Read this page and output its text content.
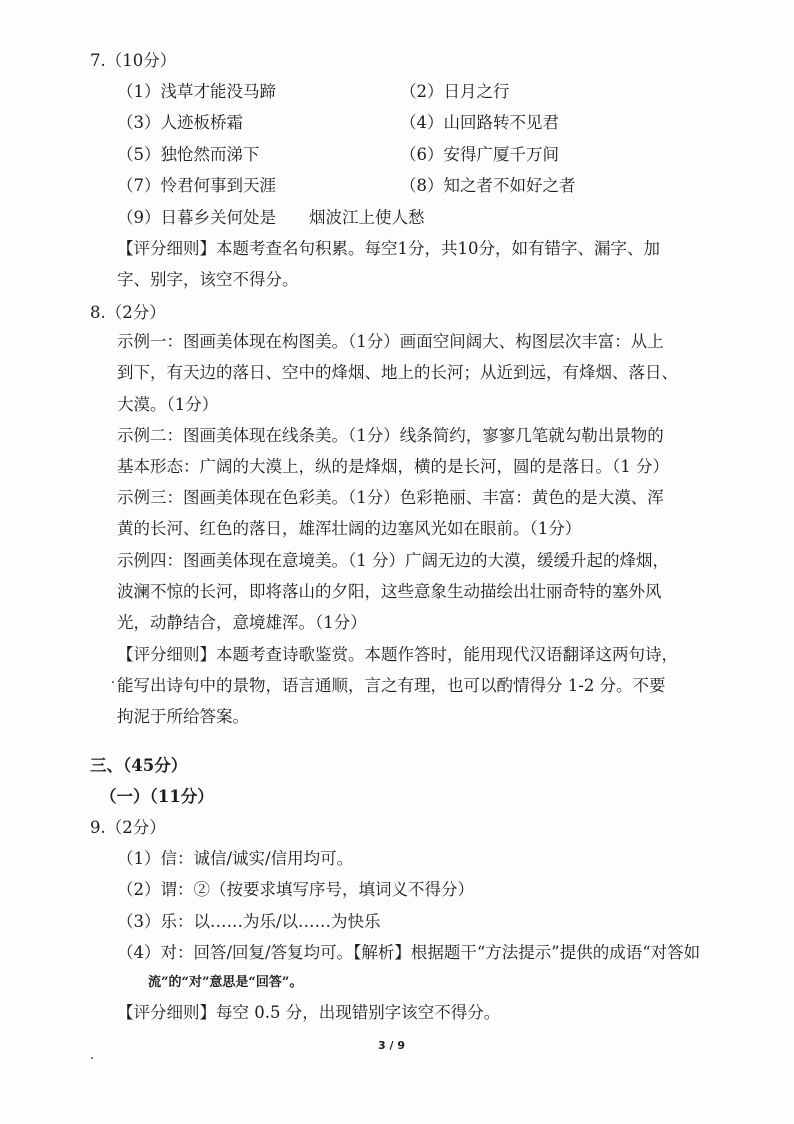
7.（10分）
（1）浅草才能没马蹄	（2）日月之行
（3）人迹板桥霜	（4）山回路转不见君
（5）独怆然而涕下	（6）安得广厦千万间
（7）怜君何事到天涯	（8）知之者不如好之者
（9）日暮乡关何处是　　烟波江上使人愁
【评分细则】本题考查名句积累。每空1分，共10分，如有错字、漏字、加
字、别字，该空不得分。
8.（2分）
示例一：图画美体现在构图美。（1分）画面空间阔大、构图层次丰富：从上
到下，有天边的落日、空中的烽烟、地上的长河；从近到远，有烽烟、落日、
大漠。（1分）
示例二：图画美体现在线条美。（1分）线条简约，寥寥几笔就勾勒出景物的
基本形态：广阔的大漠上，纵的是烽烟，横的是长河，圆的是落日。（1 分）
示例三：图画美体现在色彩美。（1分）色彩艳丽、丰富：黄色的是大漠、浑
黄的长河、红色的落日，雄浑壮阔的边塞风光如在眼前。（1分）
示例四：图画美体现在意境美。（1 分）广阔无边的大漠，缓缓升起的烽烟，
波澜不惊的长河，即将落山的夕阳，这些意象生动描绘出壮丽奇特的塞外风
光，动静结合，意境雄浑。（1分）
【评分细则】本题考查诗歌鉴赏。本题作答时，能用现代汉语翻译这两句诗，
能写出诗句中的景物，语言通顺，言之有理，也可以酌情得分 1-2 分。不要
拘泥于所给答案。
三、（45分）
（一）（11分）
9.（2分）
（1）信：诚信/诚实/信用均可。
（2）谓：②（按要求填写序号，填词义不得分）
（3）乐：以……为乐/以……为快乐
（4）对：回答/回复/答复均可。【解析】根据题干“方法提示”提供的成语“对答如
流”的“对”意思是“回答”。
【评分细则】每空 0.5 分，出现错别字该空不得分。
3 / 9
